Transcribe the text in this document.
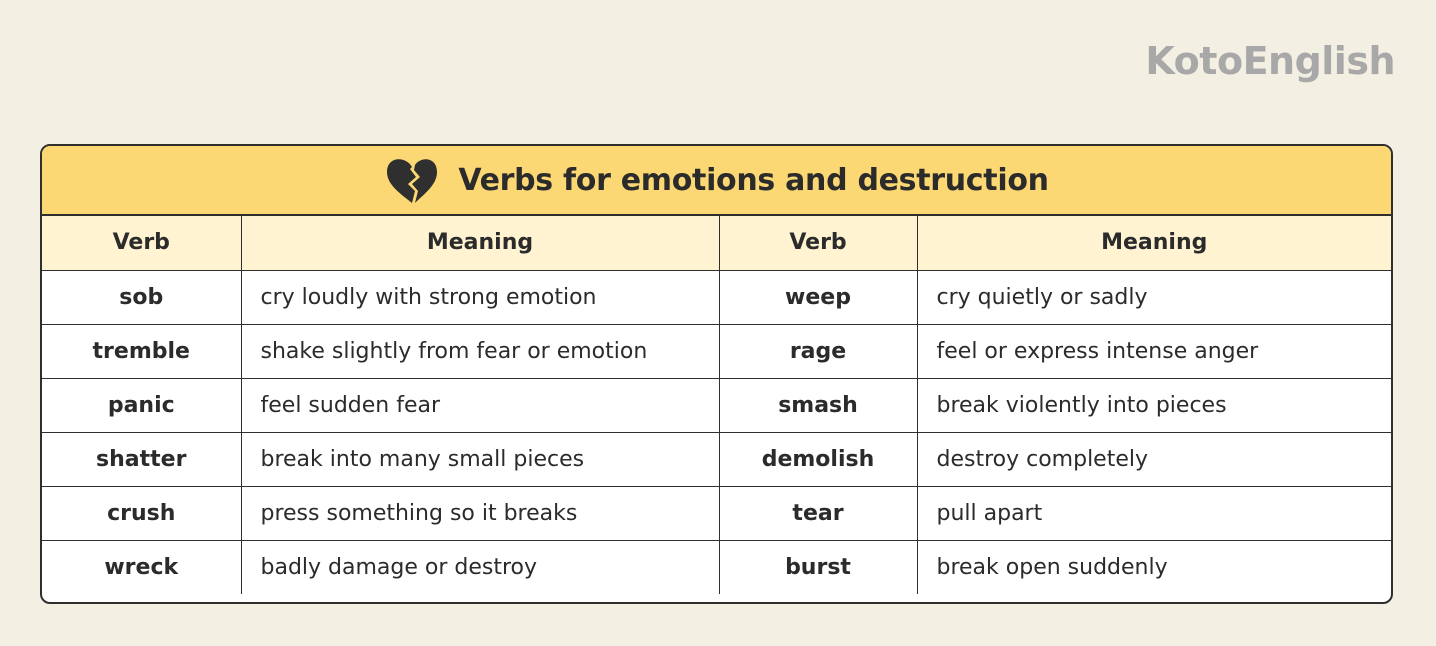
KotoEnglish
Verbs for emotions and destruction
Verb	Meaning	Verb	Meaning
sob	cry loudly with strong emotion	weep	cry quietly or sadly
tremble	shake slightly from fear or emotion	rage	feel or express intense anger
panic	feel sudden fear	smash	break violently into pieces
shatter	break into many small pieces	demolish	destroy completely
crush	press something so it breaks	tear	pull apart
wreck	badly damage or destroy	burst	break open suddenly
